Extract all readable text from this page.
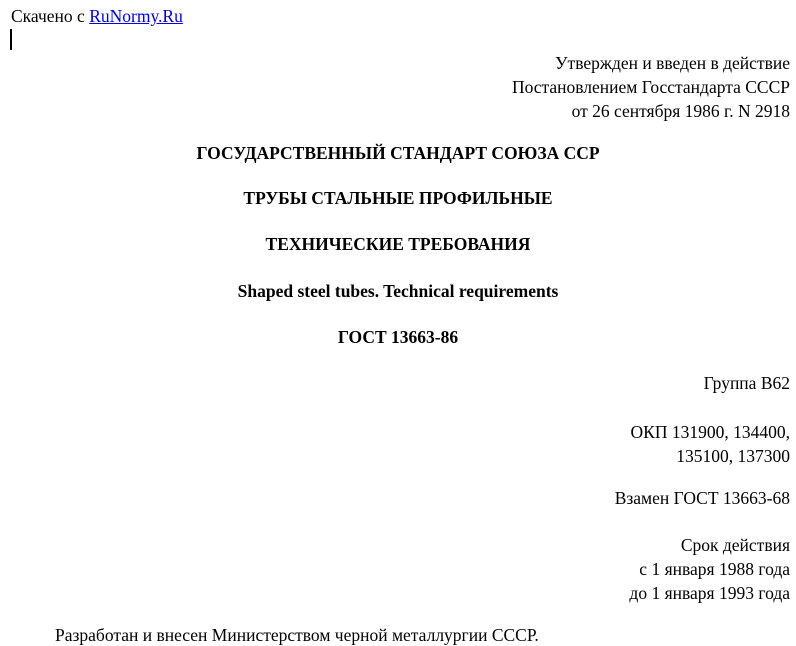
Скачено с RuNormy.Ru
Утвержден и введен в действие
Постановлением Госстандарта СССР
от 26 сентября 1986 г. N 2918
ГОСУДАРСТВЕННЫЙ СТАНДАРТ СОЮЗА ССР
ТРУБЫ СТАЛЬНЫЕ ПРОФИЛЬНЫЕ
ТЕХНИЧЕСКИЕ ТРЕБОВАНИЯ
Shaped steel tubes. Technical requirements
ГОСТ 13663-86
Группа В62
ОКП 131900, 134400,
135100, 137300
Взамен ГОСТ 13663-68
Срок действия
с 1 января 1988 года
до 1 января 1993 года
Разработан и внесен Министерством черной металлургии СССР.
